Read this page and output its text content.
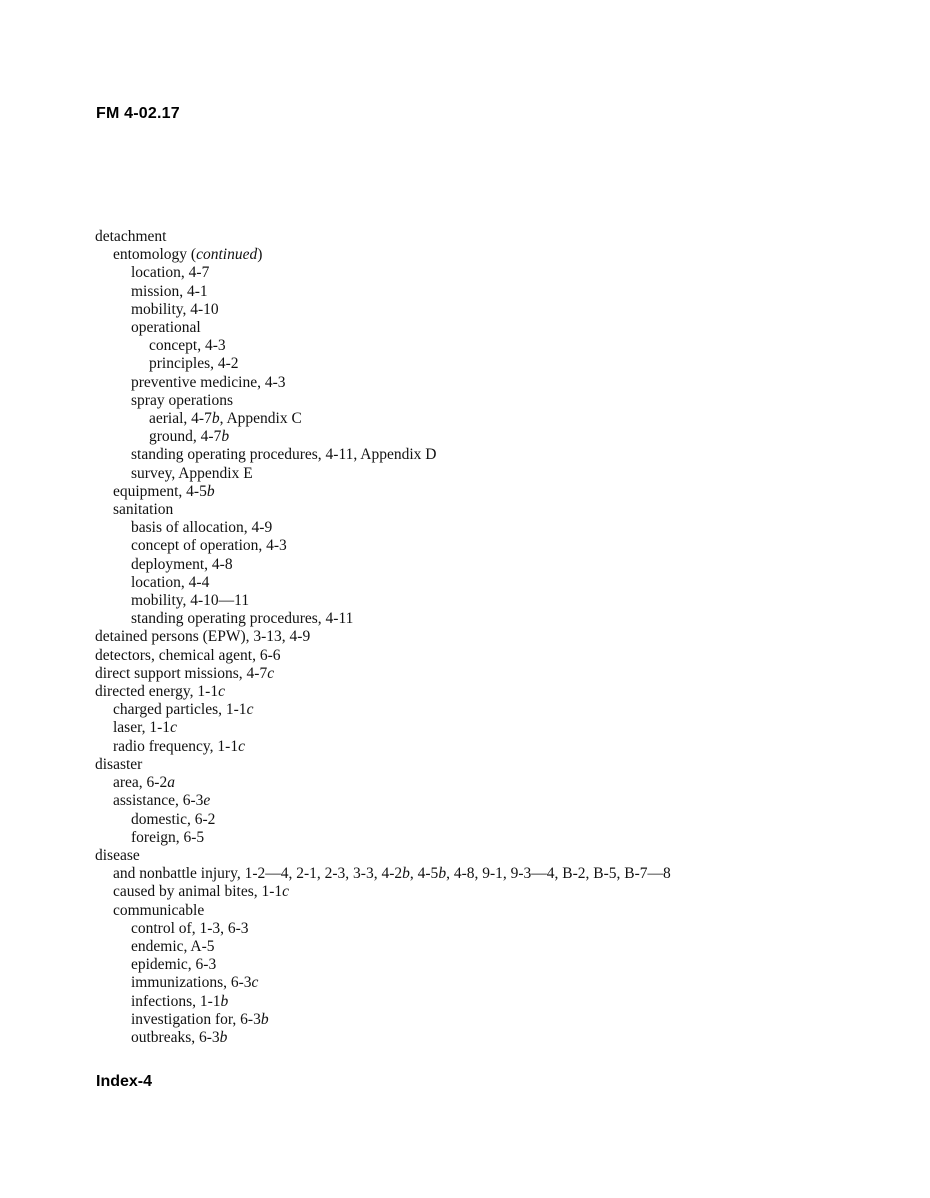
FM 4-02.17
detachment
entomology (continued)
location, 4-7
mission, 4-1
mobility, 4-10
operational
concept, 4-3
principles, 4-2
preventive medicine, 4-3
spray operations
aerial, 4-7b, Appendix C
ground, 4-7b
standing operating procedures, 4-11, Appendix D
survey, Appendix E
equipment, 4-5b
sanitation
basis of allocation, 4-9
concept of operation, 4-3
deployment, 4-8
location, 4-4
mobility, 4-10—11
standing operating procedures, 4-11
detained persons (EPW), 3-13, 4-9
detectors, chemical agent, 6-6
direct support missions, 4-7c
directed energy, 1-1c
charged particles, 1-1c
laser, 1-1c
radio frequency, 1-1c
disaster
area, 6-2a
assistance, 6-3e
domestic, 6-2
foreign, 6-5
disease
and nonbattle injury, 1-2—4, 2-1, 2-3, 3-3, 4-2b, 4-5b, 4-8, 9-1, 9-3—4, B-2, B-5, B-7—8
caused by animal bites, 1-1c
communicable
control of, 1-3, 6-3
endemic, A-5
epidemic, 6-3
immunizations, 6-3c
infections, 1-1b
investigation for, 6-3b
outbreaks, 6-3b
Index-4
